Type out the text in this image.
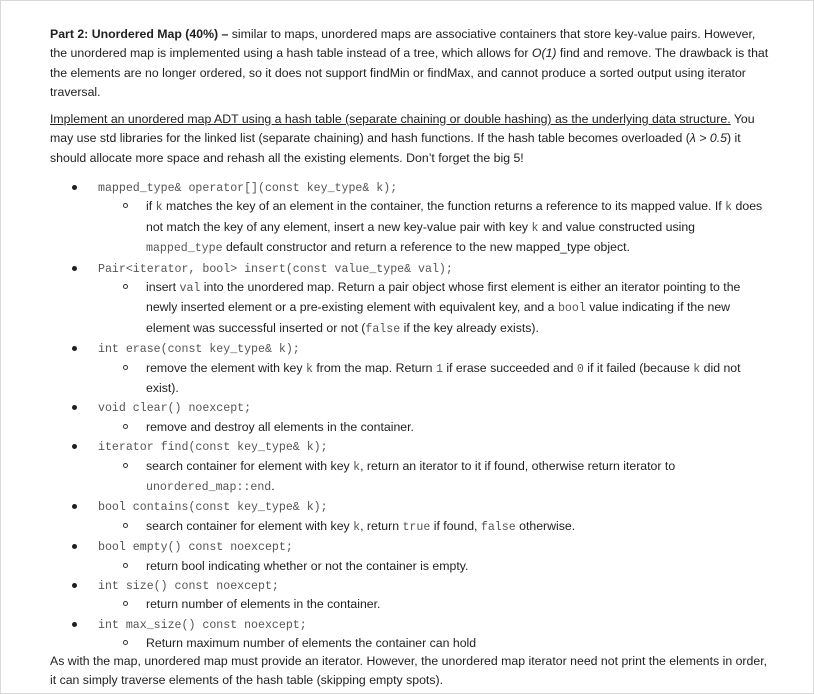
Part 2: Unordered Map (40%) – similar to maps, unordered maps are associative containers that store key-value pairs. However, the unordered map is implemented using a hash table instead of a tree, which allows for O(1) find and remove. The drawback is that the elements are no longer ordered, so it does not support findMin or findMax, and cannot produce a sorted output using iterator traversal.

Implement an unordered map ADT using a hash table (separate chaining or double hashing) as the underlying data structure. You may use std libraries for the linked list (separate chaining) and hash functions. If the hash table becomes overloaded (λ > 0.5) it should allocate more space and rehash all the existing elements. Don’t forget the big 5!

mapped_type& operator[](const key_type& k);
if k matches the key of an element in the container, the function returns a reference to its mapped value. If k does not match the key of any element, insert a new key-value pair with key k and value constructed using mapped_type default constructor and return a reference to the new mapped_type object.
Pair<iterator, bool> insert(const value_type& val);
insert val into the unordered map. Return a pair object whose first element is either an iterator pointing to the newly inserted element or a pre-existing element with equivalent key, and a bool value indicating if the new element was successful inserted or not (false if the key already exists).
int erase(const key_type& k);
remove the element with key k from the map. Return 1 if erase succeeded and 0 if it failed (because k did not exist).
void clear() noexcept;
remove and destroy all elements in the container.
iterator find(const key_type& k);
search container for element with key k, return an iterator to it if found, otherwise return iterator to unordered_map::end.
bool contains(const key_type& k);
search container for element with key k, return true if found, false otherwise.
bool empty() const noexcept;
return bool indicating whether or not the container is empty.
int size() const noexcept;
return number of elements in the container.
int max_size() const noexcept;
Return maximum number of elements the container can hold

As with the map, unordered map must provide an iterator. However, the unordered map iterator need not print the elements in order, it can simply traverse elements of the hash table (skipping empty spots).
